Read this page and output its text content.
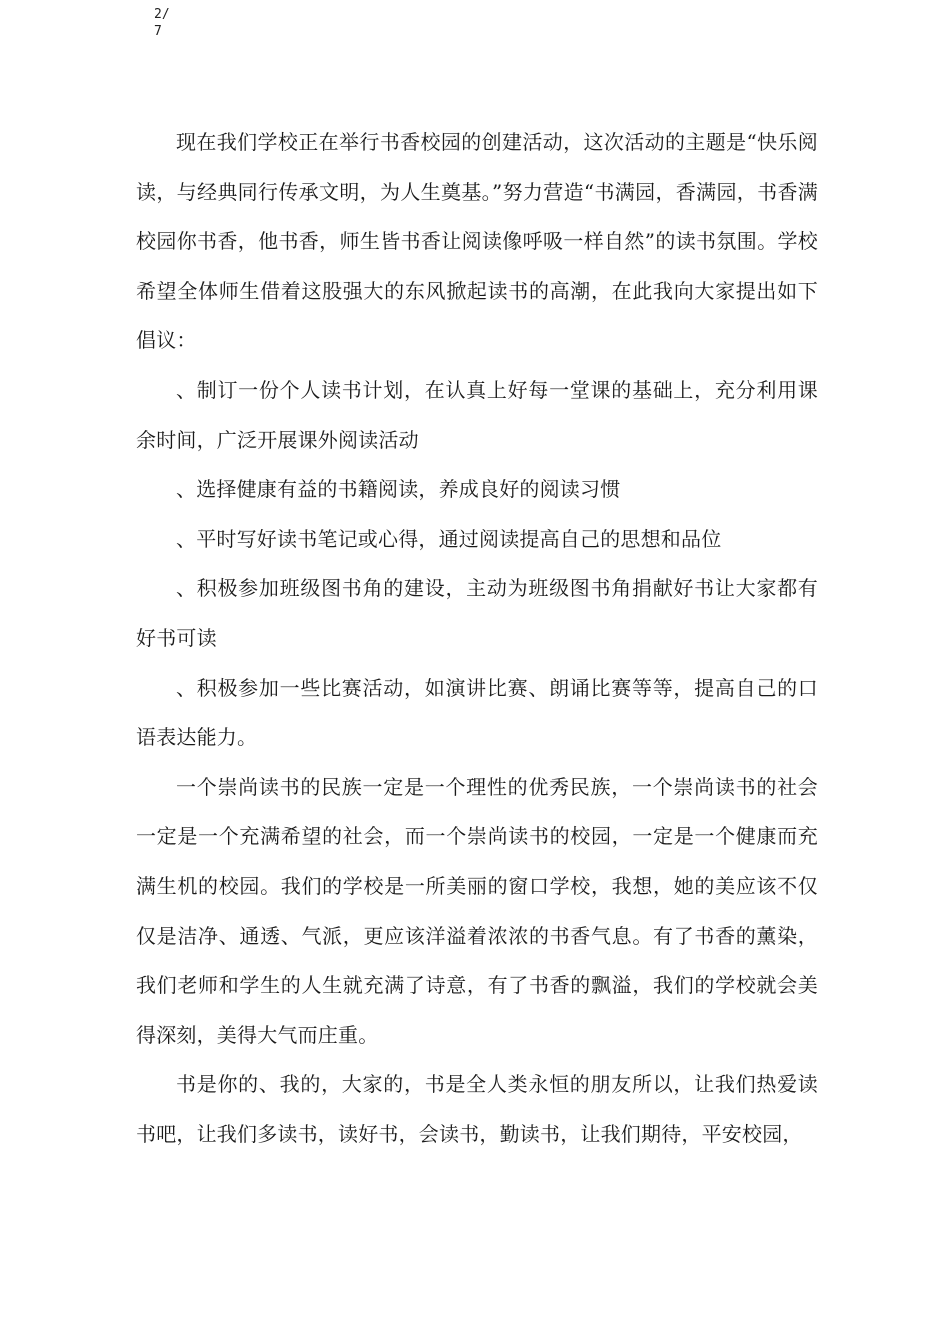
2/7

现在我们学校正在举行书香校园的创建活动，这次活动的主题是“快乐阅读，与经典同行传承文明，为人生奠基。”努力营造“书满园，香满园，书香满校园你书香，他书香，师生皆书香让阅读像呼吸一样自然”的读书氛围。学校希望全体师生借着这股强大的东风掀起读书的高潮，在此我向大家提出如下倡议：

、制订一份个人读书计划，在认真上好每一堂课的基础上，充分利用课余时间，广泛开展课外阅读活动

、选择健康有益的书籍阅读，养成良好的阅读习惯

、平时写好读书笔记或心得，通过阅读提高自己的思想和品位

、积极参加班级图书角的建设，主动为班级图书角捐献好书让大家都有好书可读

、积极参加一些比赛活动，如演讲比赛、朗诵比赛等等，提高自己的口语表达能力。

一个崇尚读书的民族一定是一个理性的优秀民族，一个崇尚读书的社会一定是一个充满希望的社会，而一个崇尚读书的校园，一定是一个健康而充满生机的校园。我们的学校是一所美丽的窗口学校，我想，她的美应该不仅仅是洁净、通透、气派，更应该洋溢着浓浓的书香气息。有了书香的薰染，我们老师和学生的人生就充满了诗意，有了书香的飘溢，我们的学校就会美得深刻，美得大气而庄重。

书是你的、我的，大家的，书是全人类永恒的朋友所以，让我们热爱读书吧，让我们多读书，读好书，会读书，勤读书，让我们期待，平安校园，
